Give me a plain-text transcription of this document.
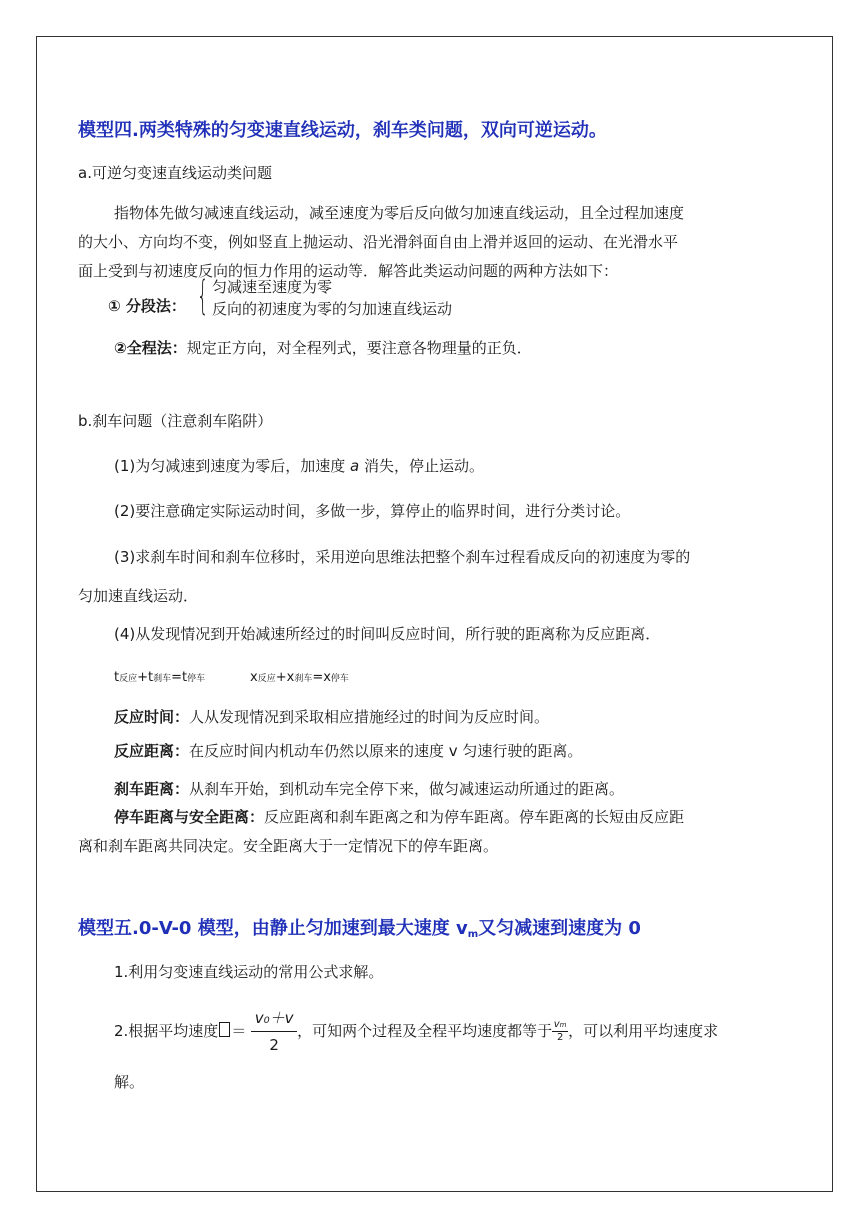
模型四.两类特殊的匀变速直线运动，刹车类问题，双向可逆运动。
a.可逆匀变速直线运动类问题
指物体先做匀减速直线运动，减至速度为零后反向做匀加速直线运动，且全过程加速度
的大小、方向均不变，例如竖直上抛运动、沿光滑斜面自由上滑并返回的运动、在光滑水平
面上受到与初速度反向的恒力作用的运动等．解答此类运动问题的两种方法如下：
① 分段法： { 匀减速至速度为零
反向的初速度为零的匀加速直线运动
②全程法：规定正方向，对全程列式，要注意各物理量的正负．
b.刹车问题（注意刹车陷阱）
(1)为匀减速到速度为零后，加速度 a 消失，停止运动。
(2)要注意确定实际运动时间，多做一步，算停止的临界时间，进行分类讨论。
(3)求刹车时间和刹车位移时，采用逆向思维法把整个刹车过程看成反向的初速度为零的
匀加速直线运动．
(4)从发现情况到开始减速所经过的时间叫反应时间，所行驶的距离称为反应距离．
t反应+t刹车=t停车	x反应+x刹车=x停车
反应时间：人从发现情况到采取相应措施经过的时间为反应时间。
反应距离：在反应时间内机动车仍然以原来的速度 v 匀速行驶的距离。
刹车距离：从刹车开始，到机动车完全停下来，做匀减速运动所通过的距离。
停车距离与安全距离：反应距离和刹车距离之和为停车距离。停车距离的长短由反应距
离和刹车距离共同决定。安全距离大于一定情况下的停车距离。
模型五.0-V-0 模型，由静止匀加速到最大速度 vm又匀减速到速度为 0
1.利用匀变速直线运动的常用公式求解。
2.根据平均速度 ＝ $\frac{\text{v₀＋v}}{2}$ ，可知两个过程及全程平均速度都等于 $\frac{vm}{2}$ ，可以利用平均速度求
解。
